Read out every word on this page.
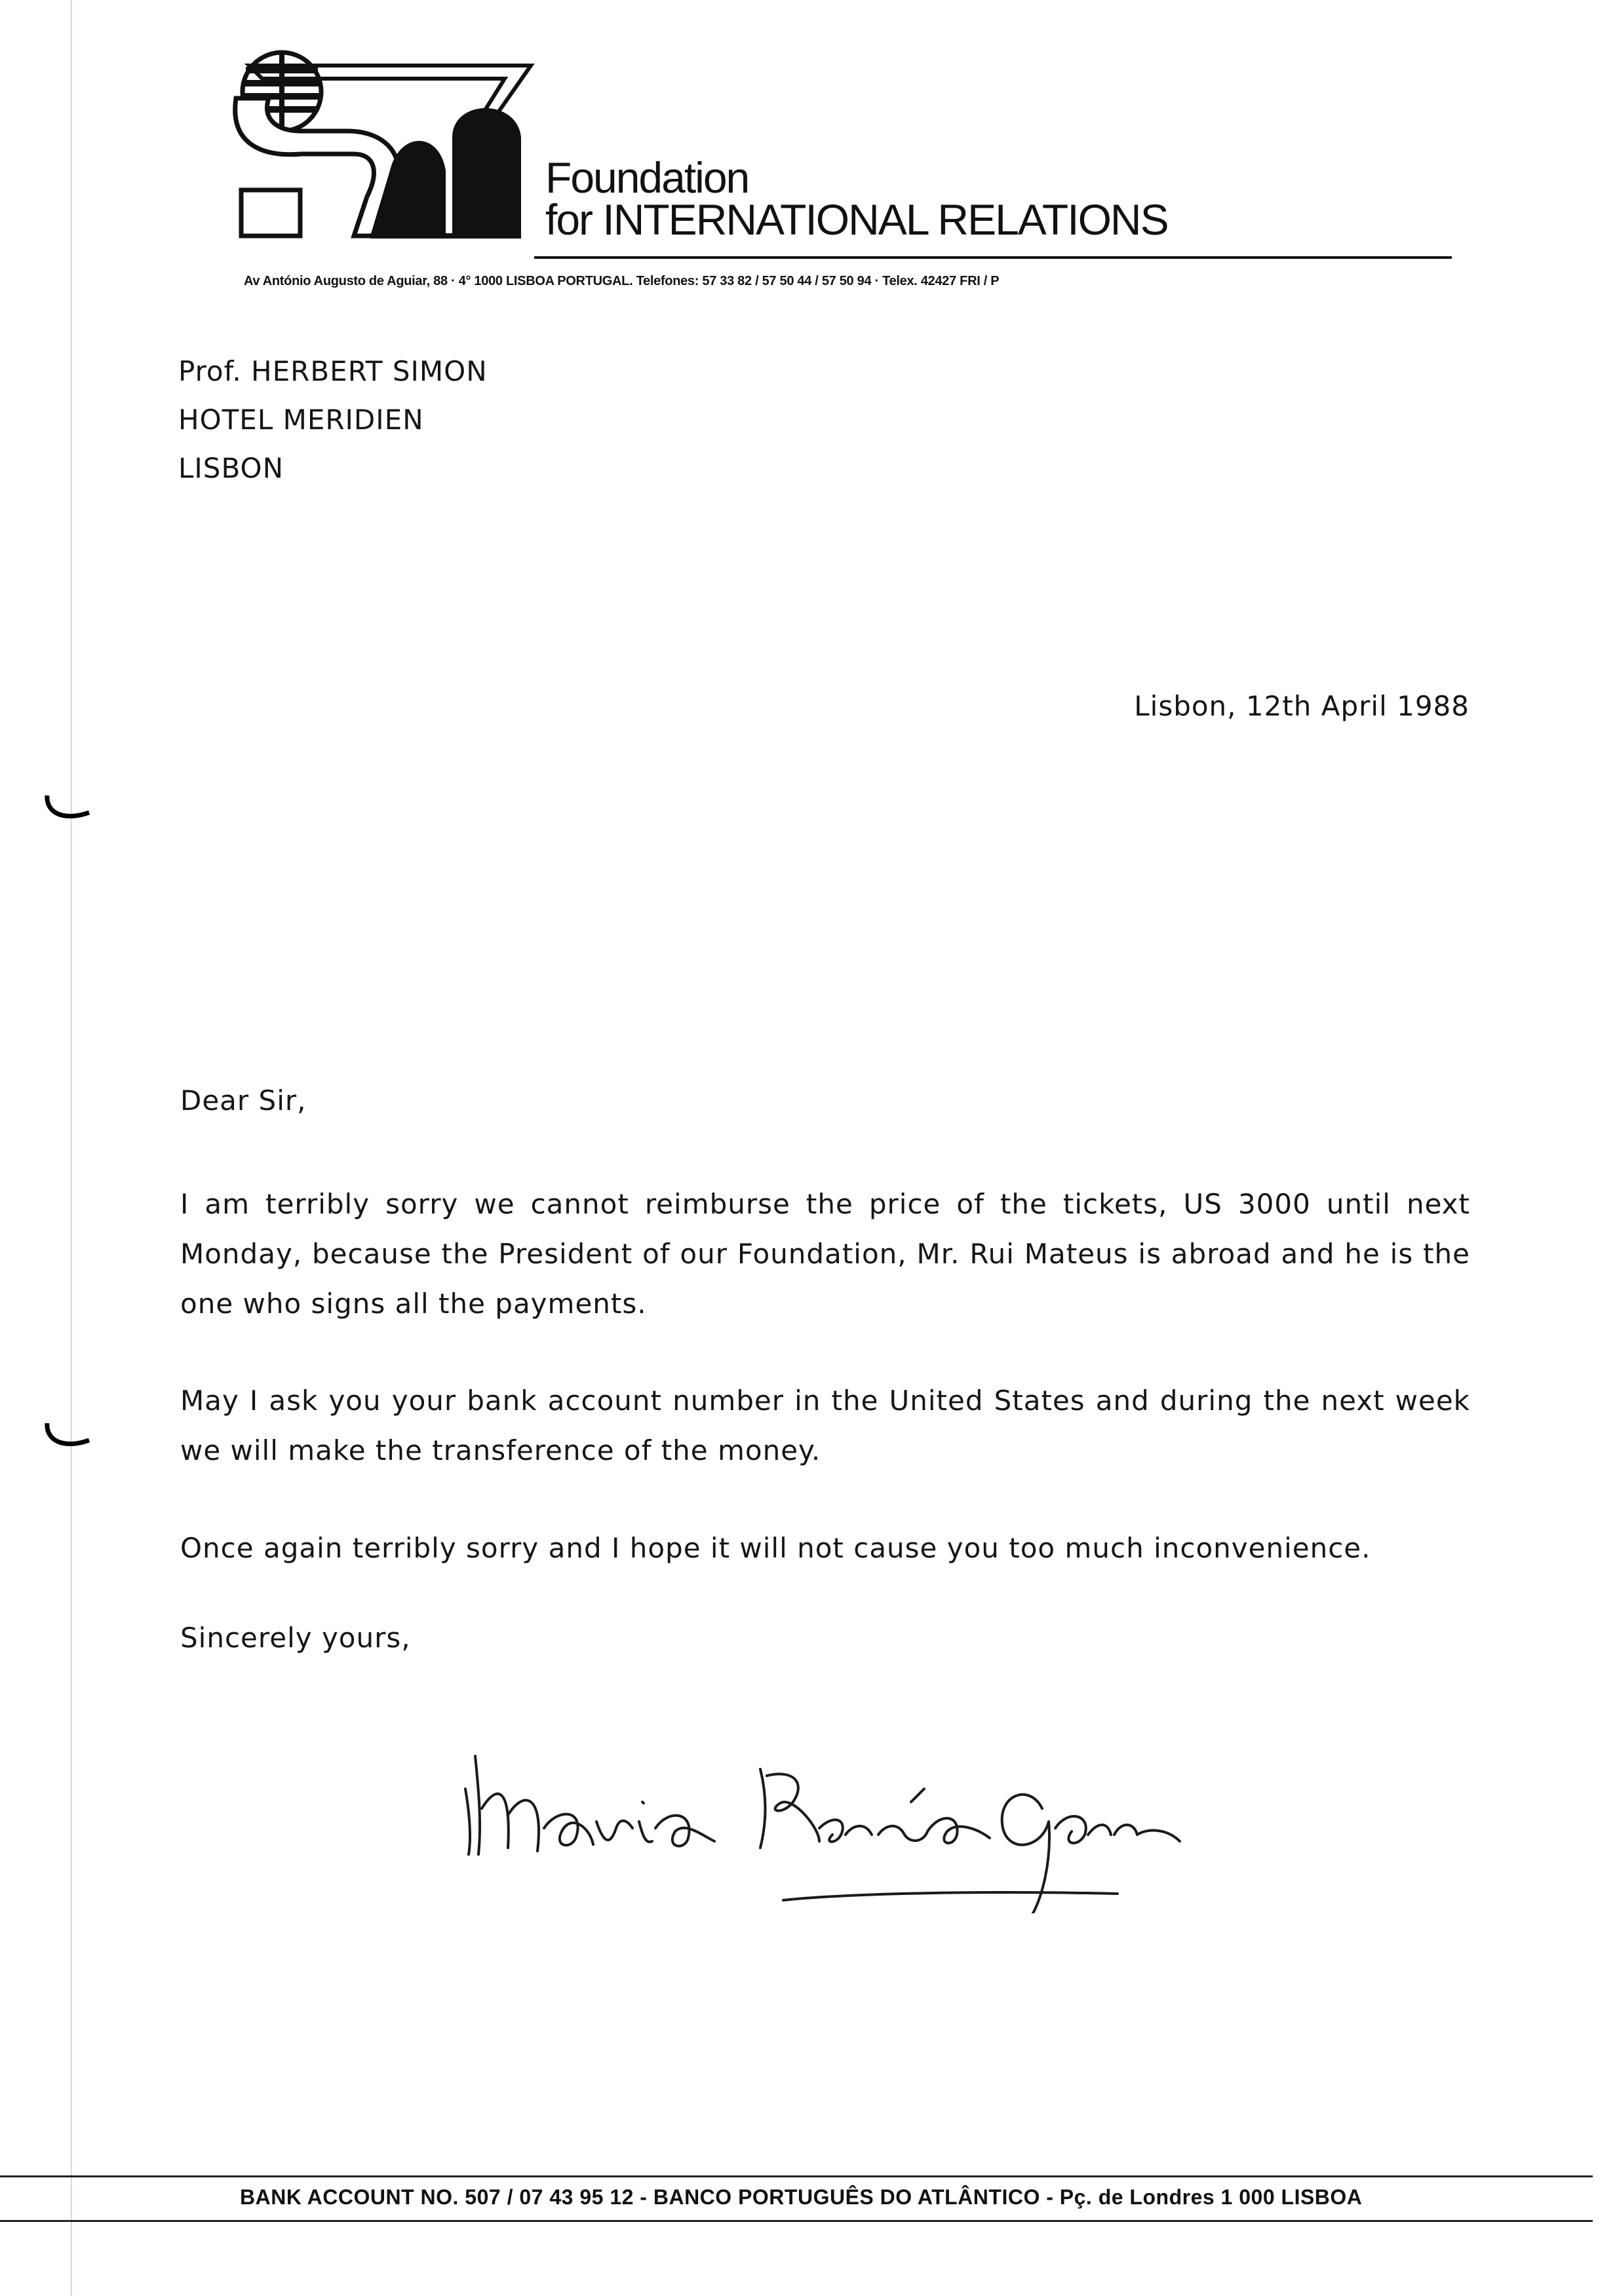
Foundation
for INTERNATIONAL RELATIONS
Av António Augusto de Aguiar, 88 · 4° 1000 LISBOA PORTUGAL. Telefones: 57 33 82 / 57 50 44 / 57 50 94 · Telex. 42427 FRI / P
Prof. HERBERT SIMON
HOTEL MERIDIEN
LISBON
Lisbon, 12th April 1988
Dear Sir,
I am terribly sorry we cannot reimburse the price of the tickets, US 3000 until next Monday, because the President of our Foundation, Mr. Rui Mateus is abroad and he is the one who signs all the payments.
May I ask you your bank account number in the United States and during the next week we will make the transference of the money.
Once again terribly sorry and I hope it will not cause you too much inconvenience.
Sincerely yours,
BANK ACCOUNT NO. 507 / 07 43 95 12 - BANCO PORTUGUÊS DO ATLÂNTICO - Pç. de Londres 1 000 LISBOA
